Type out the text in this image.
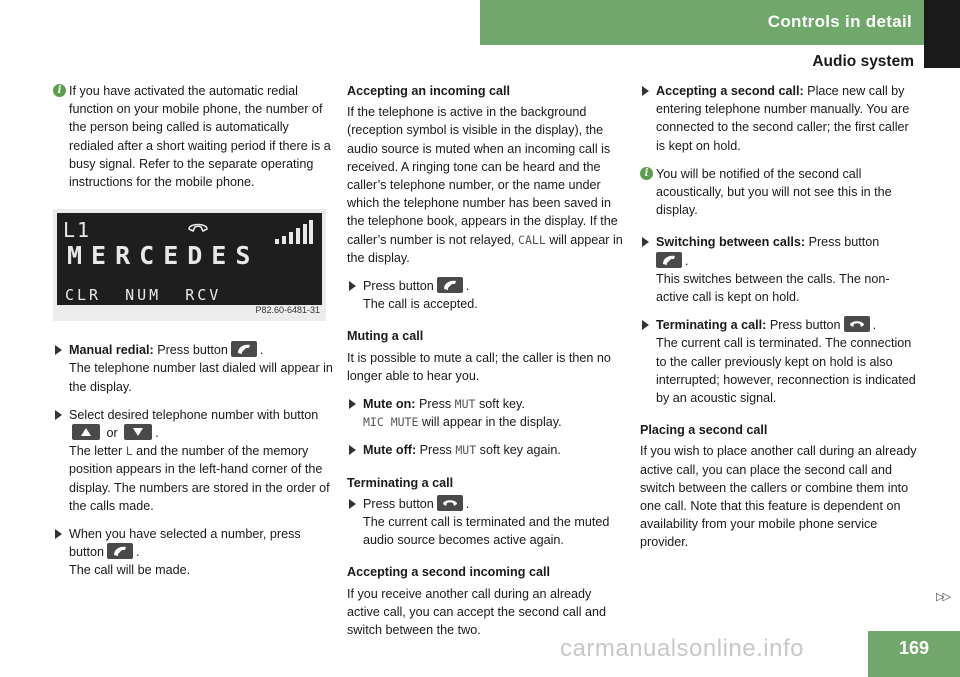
Controls in detail
Audio system
i If you have activated the automatic redial function on your mobile phone, the number of the person being called is automatically redialed after a short waiting period if there is a busy signal. Refer to the separate operating instructions for the mobile phone.
L1
MERCEDES
CLR NUM RCV
P82.60-6481-31
Manual redial: Press button	.
The telephone number last dialed will appear in the display.
Select desired telephone number with button
or	.
The letter L and the number of the memory position appears in the left-hand corner of the display. The numbers are stored in the order of the calls made.
When you have selected a number, press button	.
The call will be made.

Accepting an incoming call

If the telephone is active in the background (reception symbol is visible in the display), the audio source is muted when an incoming call is received. A ringing tone can be heard and the caller’s telephone number, or the name under which the telephone number has been saved in the telephone book, appears in the display. If the caller’s number is not relayed, CALL will appear in the display.

Press button	.
The call is accepted.

Muting a call

It is possible to mute a call; the caller is then no longer able to hear you.

Mute on: Press MUT soft key.
MIC MUTE will appear in the display.
Mute off: Press MUT soft key again.

Terminating a call

Press button	.
The current call is terminated and the muted audio source becomes active again.

Accepting a second incoming call

If you receive another call during an already active call, you can accept the second call and switch between the two.

Accepting a second call: Place new call by entering telephone number manually. You are connected to the second caller; the first caller is kept on hold.
i You will be notified of the second call acoustically, but you will not see this in the display.
Switching between calls: Press button

.
This switches between the calls. The non-active call is kept on hold.
Terminating a call: Press button	.
The current call is terminated. The connection to the caller previously kept on hold is also interrupted; however, reconnection is indicated by an acoustic signal.

Placing a second call

If you wish to place another call during an already active call, you can place the second call and switch between the callers or combine them into one call. Note that this feature is dependent on availability from your mobile phone service provider.

▷▷
carmanualsonline.info	169
